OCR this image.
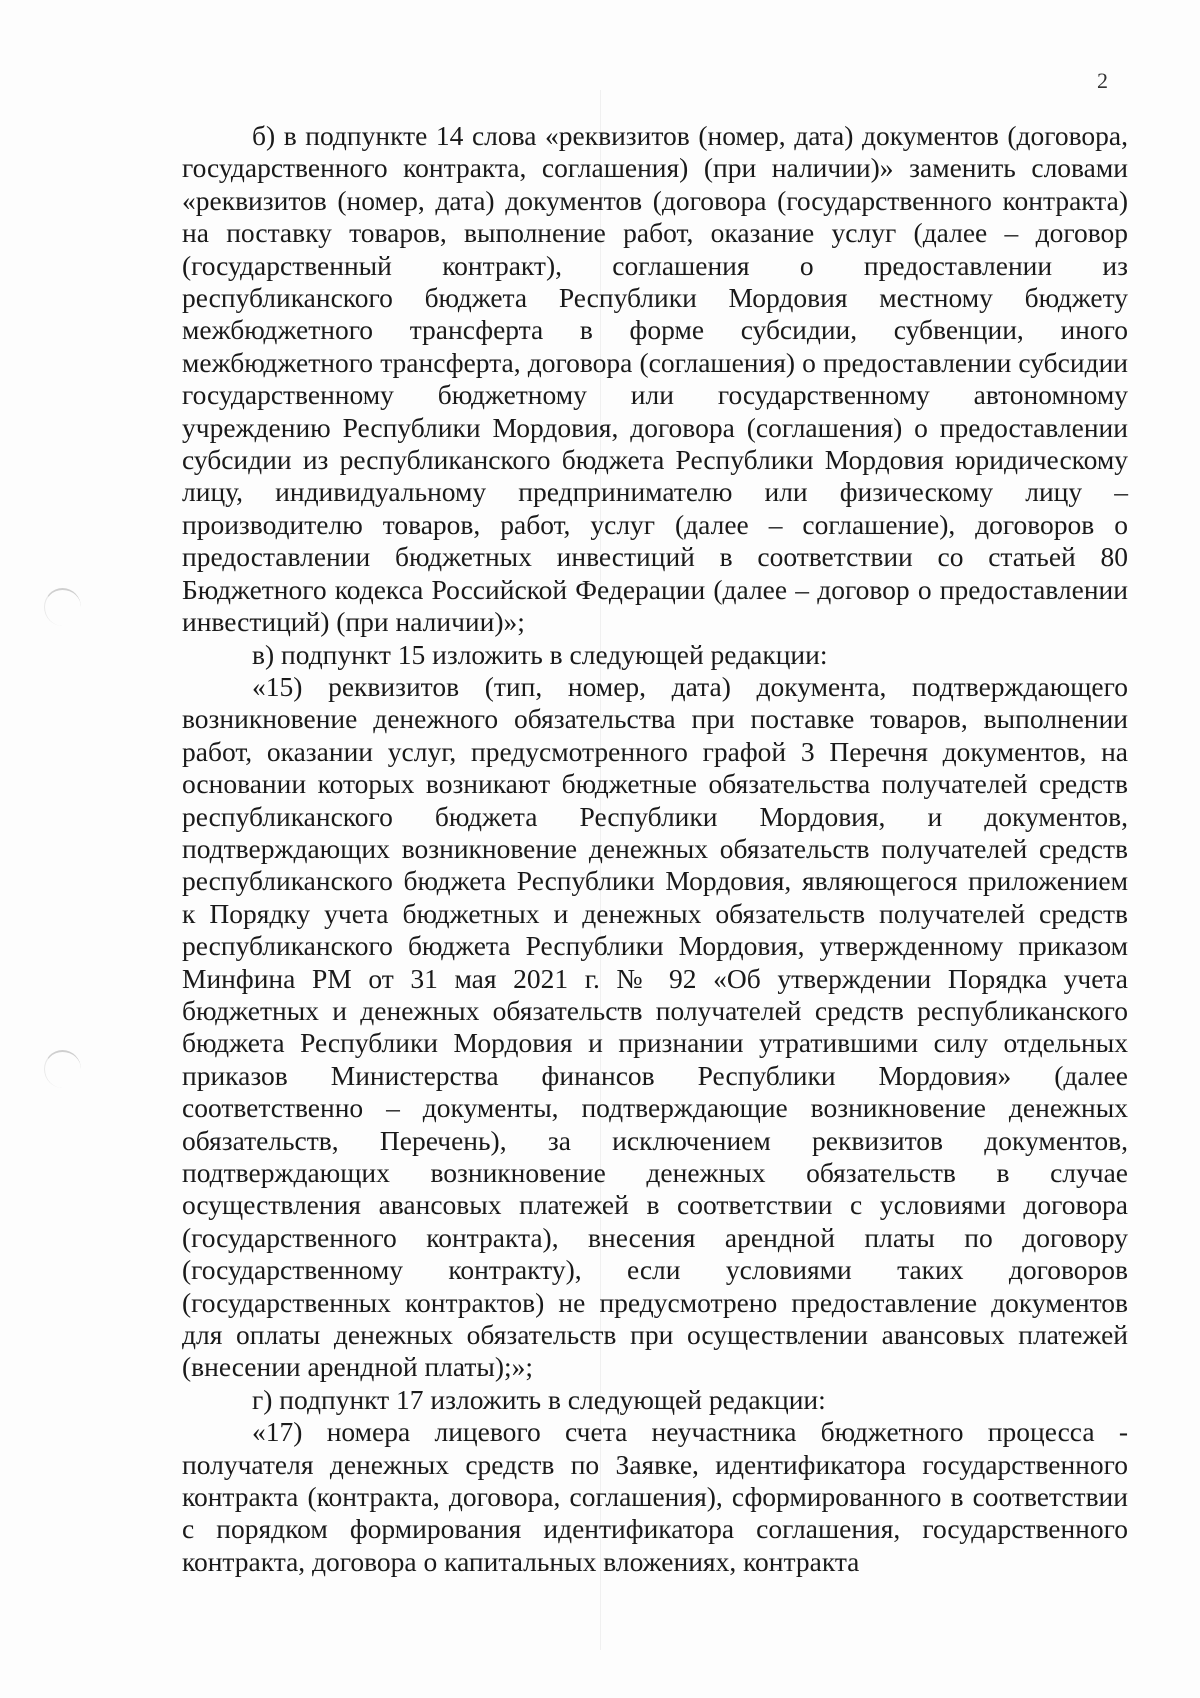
2

б) в подпункте 14 слова «реквизитов (номер, дата) документов (договора, государственного контракта, соглашения) (при наличии)» заменить словами «реквизитов (номер, дата) документов (договора (государственного контракта) на поставку товаров, выполнение работ, оказание услуг (далее – договор (государственный контракт), соглашения о предоставлении из республиканского бюджета Республики Мордовия местному бюджету межбюджетного трансферта в форме субсидии, субвенции, иного межбюджетного трансферта, договора (соглашения) о предоставлении субсидии государственному бюджетному или государственному автономному учреждению Республики Мордовия, договора (соглашения) о предоставлении субсидии из республиканского бюджета Республики Мордовия юридическому лицу, индивидуальному предпринимателю или физическому лицу – производителю товаров, работ, услуг (далее – соглашение), договоров о предоставлении бюджетных инвестиций в соответствии со статьей 80 Бюджетного кодекса Российской Федерации (далее – договор о предоставлении инвестиций) (при наличии)»;

в) подпункт 15 изложить в следующей редакции:

«15) реквизитов (тип, номер, дата) документа, подтверждающего возникновение денежного обязательства при поставке товаров, выполнении работ, оказании услуг, предусмотренного графой 3 Перечня документов, на основании которых возникают бюджетные обязательства получателей средств республиканского бюджета Республики Мордовия, и документов, подтверждающих возникновение денежных обязательств получателей средств республиканского бюджета Республики Мордовия, являющегося приложением к Порядку учета бюджетных и денежных обязательств получателей средств республиканского бюджета Республики Мордовия, утвержденному приказом Минфина РМ от 31 мая 2021 г. № 92 «Об утверждении Порядка учета бюджетных и денежных обязательств получателей средств республиканского бюджета Республики Мордовия и признании утратившими силу отдельных приказов Министерства финансов Республики Мордовия» (далее соответственно – документы, подтверждающие возникновение денежных обязательств, Перечень), за исключением реквизитов документов, подтверждающих возникновение денежных обязательств в случае осуществления авансовых платежей в соответствии с условиями договора (государственного контракта), внесения арендной платы по договору (государственному контракту), если условиями таких договоров (государственных контрактов) не предусмотрено предоставление документов для оплаты денежных обязательств при осуществлении авансовых платежей (внесении арендной платы);»;

г) подпункт 17 изложить в следующей редакции:

«17) номера лицевого счета неучастника бюджетного процесса - получателя денежных средств по Заявке, идентификатора государственного контракта (контракта, договора, соглашения), сформированного в соответствии с порядком формирования идентификатора соглашения, государственного контракта, договора о капитальных вложениях, контракта
